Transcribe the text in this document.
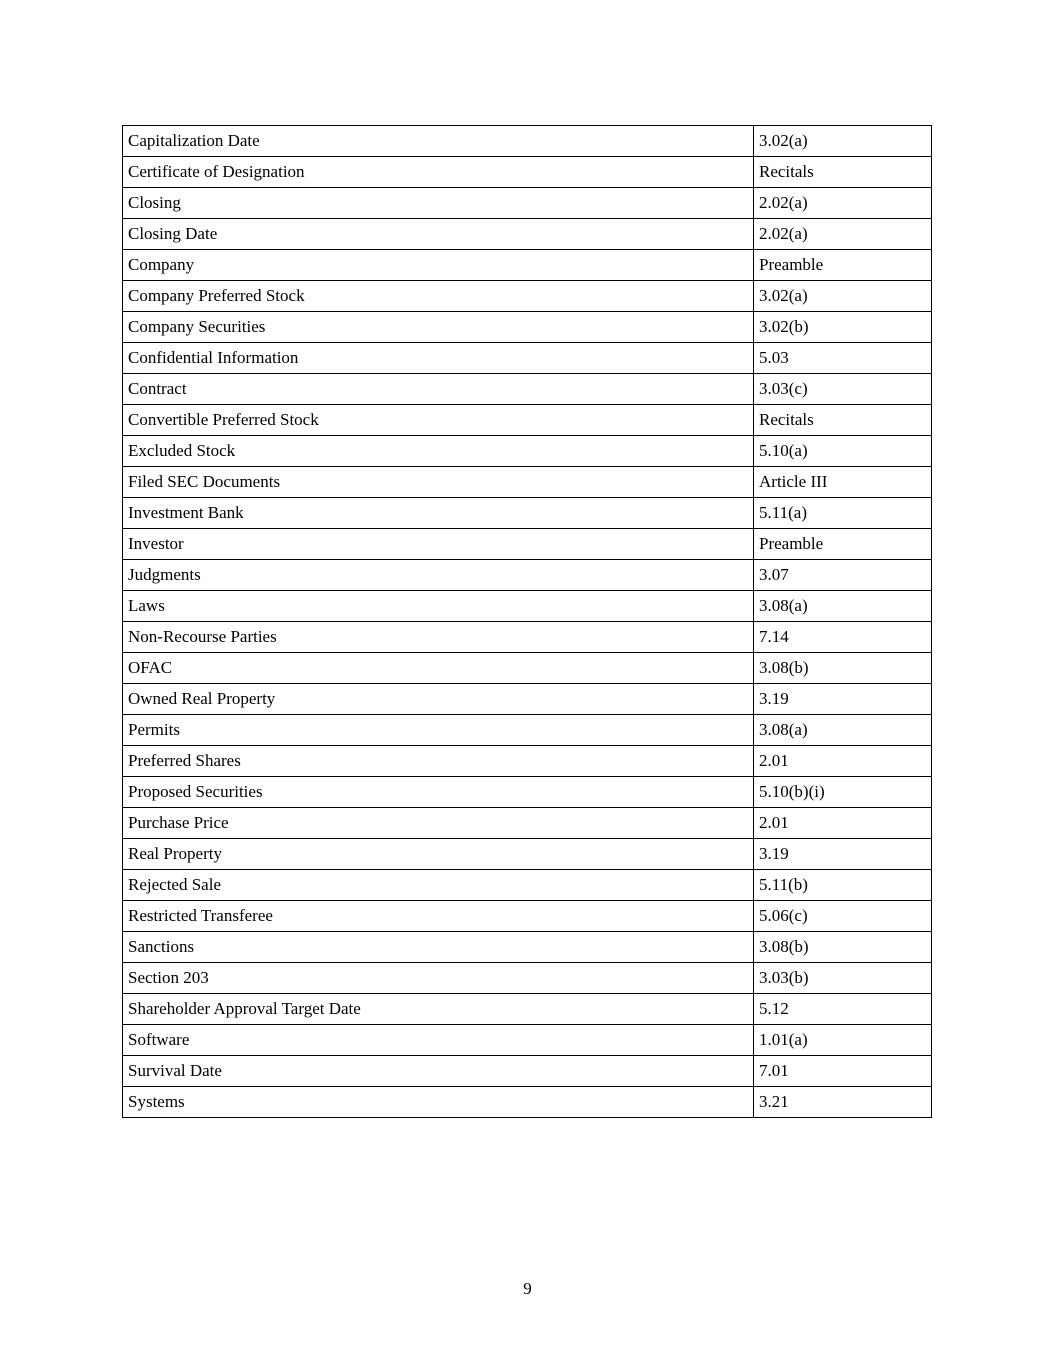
Capitalization Date	3.02(a)
Certificate of Designation	Recitals
Closing	2.02(a)
Closing Date	2.02(a)
Company	Preamble
Company Preferred Stock	3.02(a)
Company Securities	3.02(b)
Confidential Information	5.03
Contract	3.03(c)
Convertible Preferred Stock	Recitals
Excluded Stock	5.10(a)
Filed SEC Documents	Article III
Investment Bank	5.11(a)
Investor	Preamble
Judgments	3.07
Laws	3.08(a)
Non-Recourse Parties	7.14
OFAC	3.08(b)
Owned Real Property	3.19
Permits	3.08(a)
Preferred Shares	2.01
Proposed Securities	5.10(b)(i)
Purchase Price	2.01
Real Property	3.19
Rejected Sale	5.11(b)
Restricted Transferee	5.06(c)
Sanctions	3.08(b)
Section 203	3.03(b)
Shareholder Approval Target Date	5.12
Software	1.01(a)
Survival Date	7.01
Systems	3.21
9
